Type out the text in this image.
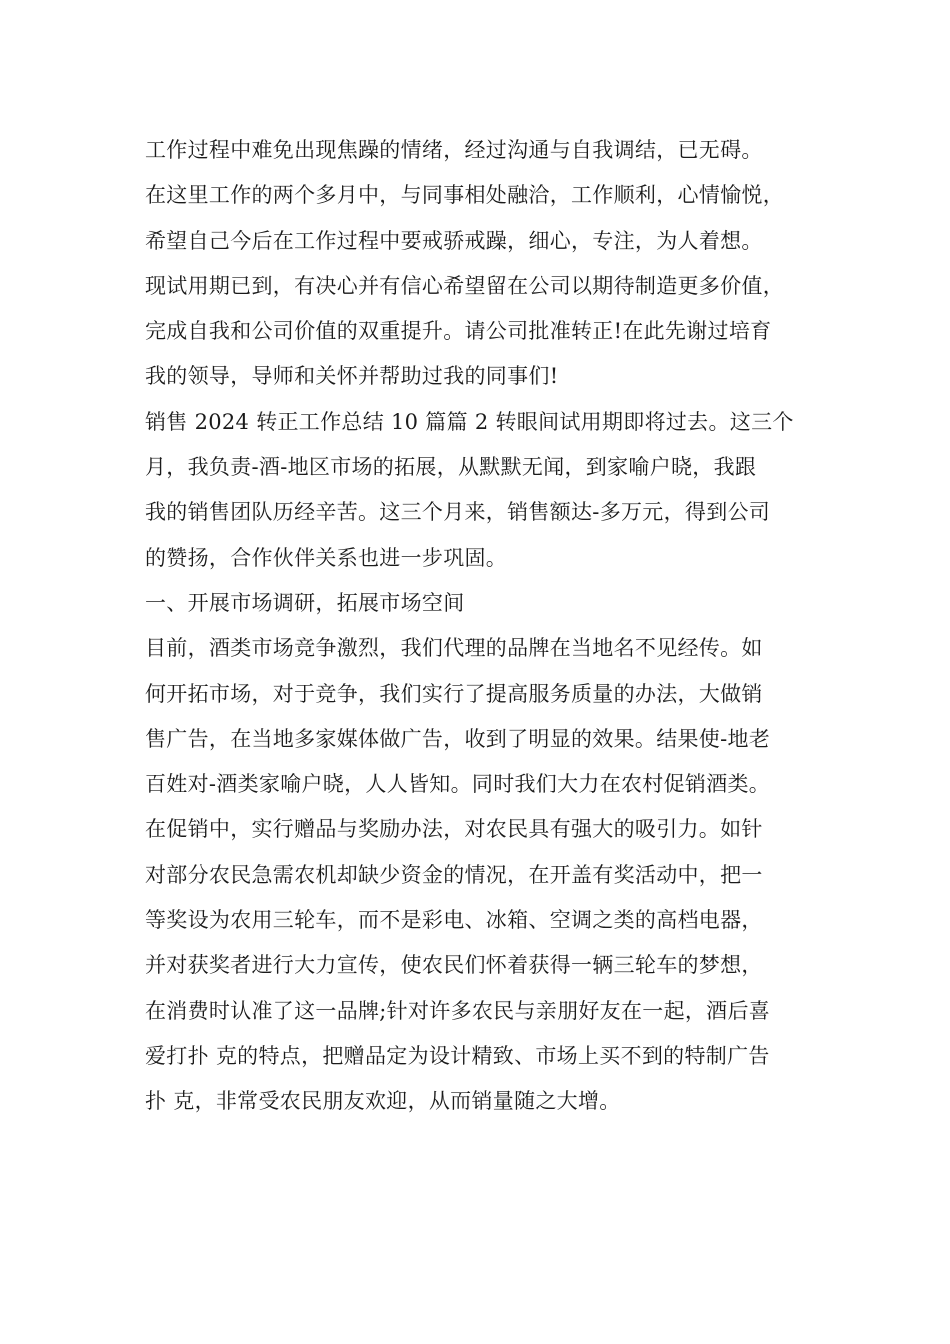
工作过程中难免出现焦躁的情绪，经过沟通与自我调结，已无碍。
在这里工作的两个多月中，与同事相处融洽，工作顺利，心情愉悦，
希望自己今后在工作过程中要戒骄戒躁，细心，专注，为人着想。
现试用期已到，有决心并有信心希望留在公司以期待制造更多价值，
完成自我和公司价值的双重提升。请公司批准转正!在此先谢过培育
我的领导，导师和关怀并帮助过我的同事们!
销售 2024 转正工作总结 10 篇篇 2 转眼间试用期即将过去。这三个
月，我负责-酒-地区市场的拓展，从默默无闻，到家喻户晓，我跟
我的销售团队历经辛苦。这三个月来，销售额达-多万元，得到公司
的赞扬，合作伙伴关系也进一步巩固。
一、开展市场调研，拓展市场空间
目前，酒类市场竞争激烈，我们代理的品牌在当地名不见经传。如
何开拓市场，对于竞争，我们实行了提高服务质量的办法，大做销
售广告，在当地多家媒体做广告，收到了明显的效果。结果使-地老
百姓对-酒类家喻户晓，人人皆知。同时我们大力在农村促销酒类。
在促销中，实行赠品与奖励办法，对农民具有强大的吸引力。如针
对部分农民急需农机却缺少资金的情况，在开盖有奖活动中，把一
等奖设为农用三轮车，而不是彩电、冰箱、空调之类的高档电器，
并对获奖者进行大力宣传，使农民们怀着获得一辆三轮车的梦想，
在消费时认准了这一品牌;针对许多农民与亲朋好友在一起，酒后喜
爱打扑 克的特点，把赠品定为设计精致、市场上买不到的特制广告
扑 克，非常受农民朋友欢迎，从而销量随之大增。
